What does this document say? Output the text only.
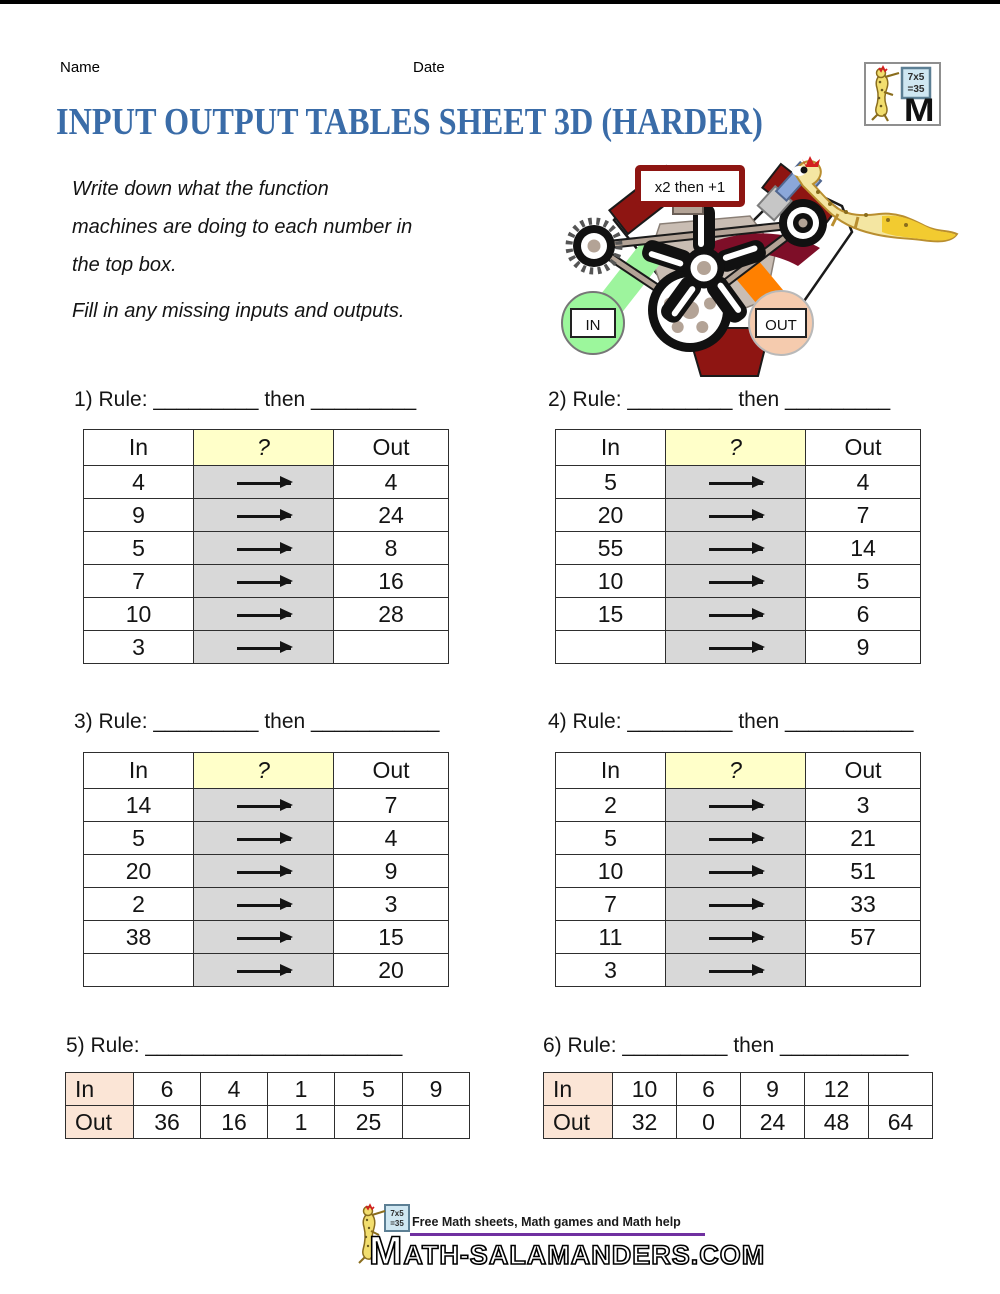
Name	Date
7x5
=35
M
INPUT OUTPUT TABLES SHEET 3D (HARDER)
Write down what the function
machines are doing to each number in
the top box.
Fill in any missing inputs and outputs.
x2 then +1
IN	OUT
1) Rule: _________ then _________
In	?	Out
4		4
9		24
5		8
7		16
10		28
3		
2) Rule: _________ then _________
In	?	Out
5		4
20		7
55		14
10		5
15		6
		9
3) Rule: _________ then ___________
In	?	Out
14		7
5		4
20		9
2		3
38		15
		20
4) Rule: _________ then ___________
In	?	Out
2		3
5		21
10		51
7		33
11		57
3		
5) Rule: ______________________
In	6	4	1	5	9
Out	36	16	1	25	
6) Rule: _________ then ___________
In	10	6	9	12	
Out	32	0	24	48	64
7x5
=35 Free Math sheets, Math games and Math help
MATH-SALAMANDERS.COM
